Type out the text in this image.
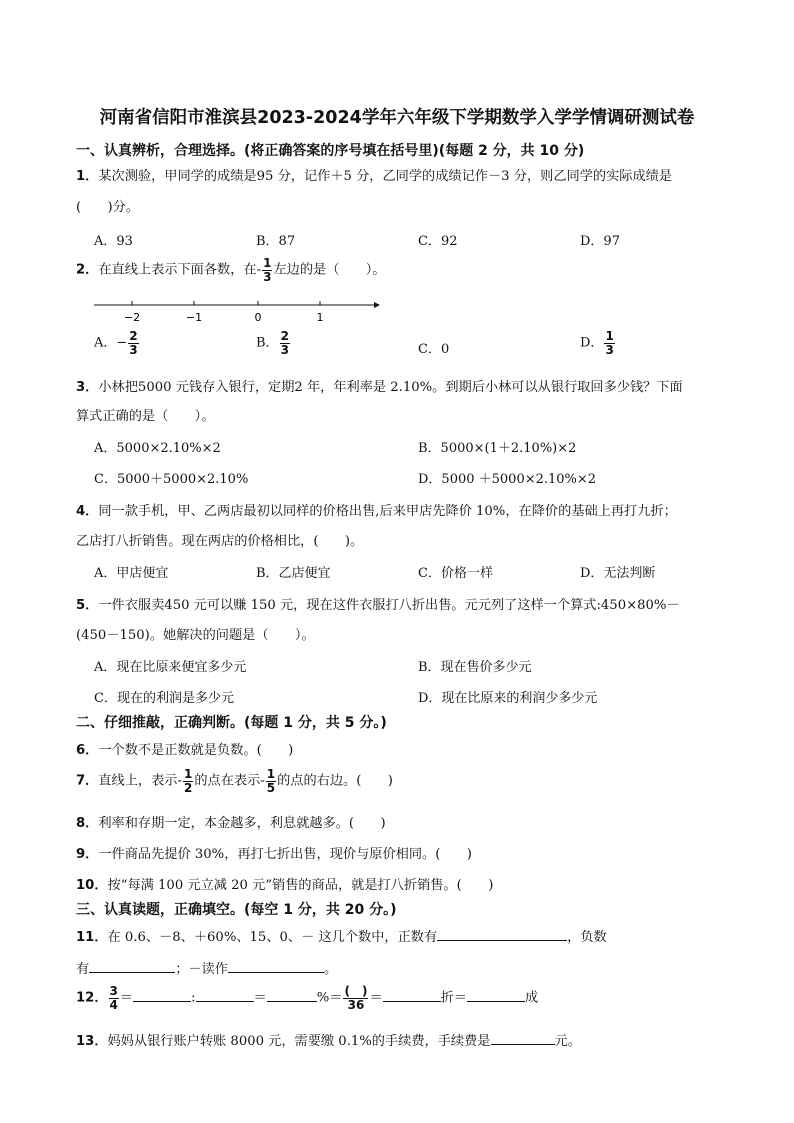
河南省信阳市淮滨县2023-2024学年六年级下学期数学入学学情调研测试卷
一、认真辨析，合理选择。(将正确答案的序号填在括号里)(每题 2 分，共 10 分)
1．某次测验，甲同学的成绩是95 分，记作＋5 分，乙同学的成绩记作－3 分，则乙同学的实际成绩是
(　　)分。
A．93	B．87	C．92	D．97
2．在直线上表示下面各数，在- $\frac{1}{3}$ 左边的是（　　）。
−2	−1	0	1
A．− $\frac{2}{3}$	B． $\frac{2}{3}$	C．0	D． $\frac{1}{3}$
3．小林把5000 元钱存入银行，定期2 年，年利率是 2.10%。到期后小林可以从银行取回多少钱？下面
算式正确的是（　　）。
A．5000×2.10%×2	B．5000×(1＋2.10%)×2
C．5000＋5000×2.10%	D．5000 ＋5000×2.10%×2
4．同一款手机，甲、乙两店最初以同样的价格出售,后来甲店先降价 10%，在降价的基础上再打九折；
乙店打八折销售。现在两店的价格相比，(　　)。
A．甲店便宜	B．乙店便宜	C．价格一样	D．无法判断
5．一件衣服卖450 元可以赚 150 元，现在这件衣服打八折出售。元元列了这样一个算式:450×80%－
(450－150)。她解决的问题是（　　）。
A．现在比原来便宜多少元	B．现在售价多少元
C．现在的利润是多少元	D．现在比原来的利润少多少元
二、仔细推敲，正确判断。(每题 1 分，共 5 分。)
6．一个数不是正数就是负数。(　　)
7．直线上，表示- $\frac{1}{2}$ 的点在表示- $\frac{1}{5}$ 的点的右边。(　　)
8．利率和存期一定，本金越多，利息就越多。(　　)
9．一件商品先提价 30%，再打七折出售，现价与原价相同。(　　)
10．按“每满 100 元立减 20 元”销售的商品，就是打八折销售。(　　)
三、认真读题，正确填空。(每空 1 分，共 20 分。)
11．在 0.6、－8、＋60%、15、0、－ 这几个数中，正数有	，负数
有	；－读作	。
12． $\frac{3}{4}$ ＝	:	＝	%＝ $\frac{( )}{36}$ ＝	折＝	成
13．妈妈从银行账户转账 8000 元，需要缴 0.1%的手续费，手续费是	元。
